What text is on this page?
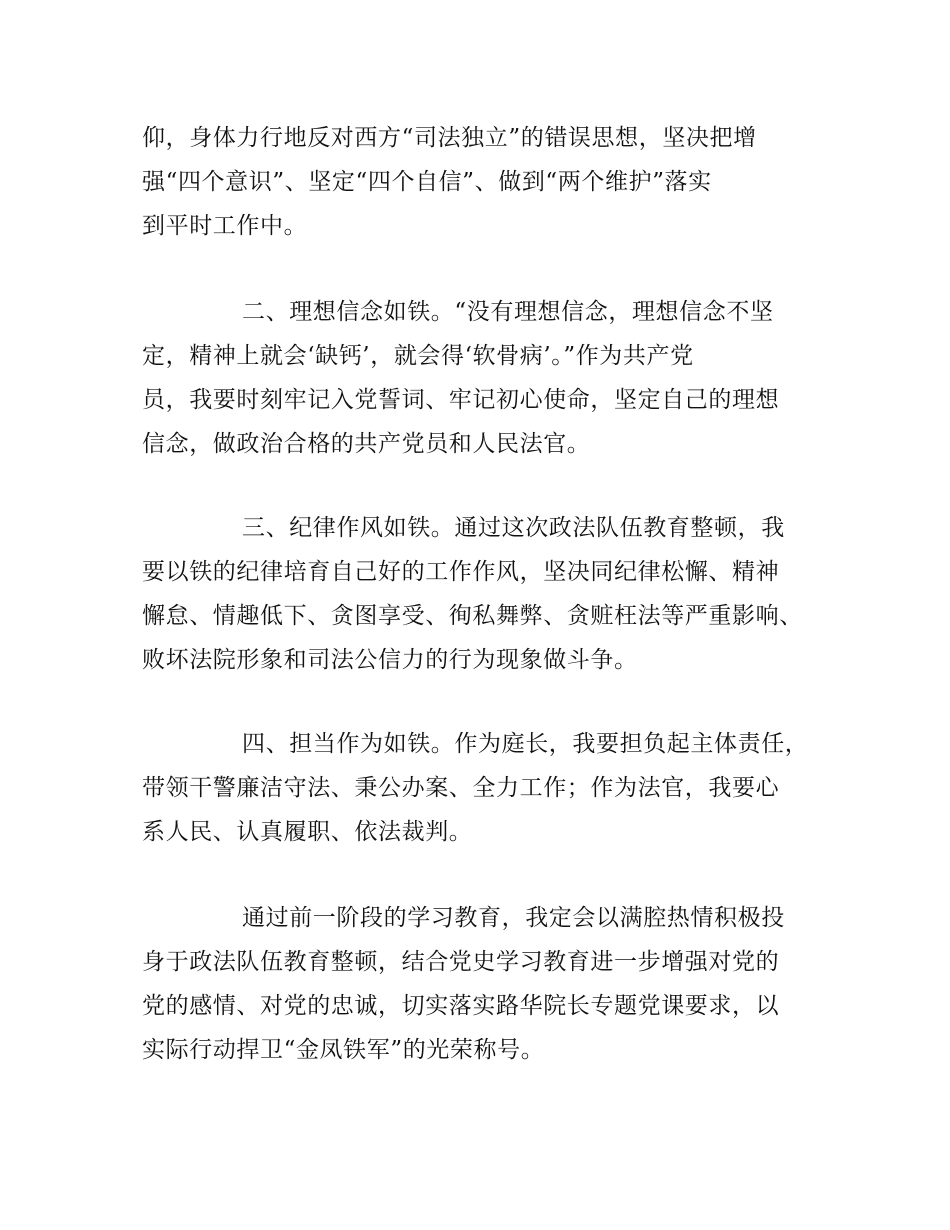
仰，身体力行地反对西方“司法独立”的错误思想，坚决把增
强“四个意识”、坚定“四个自信”、做到“两个维护”落实
到平时工作中。
二、理想信念如铁。“没有理想信念，理想信念不坚
定，精神上就会‘缺钙’，就会得‘软骨病’。”作为共产党
员，我要时刻牢记入党誓词、牢记初心使命，坚定自己的理想
信念，做政治合格的共产党员和人民法官。
三、纪律作风如铁。通过这次政法队伍教育整顿，我
要以铁的纪律培育自己好的工作作风，坚决同纪律松懈、精神
懈怠、情趣低下、贪图享受、徇私舞弊、贪赃枉法等严重影响、
败坏法院形象和司法公信力的行为现象做斗争。
四、担当作为如铁。作为庭长，我要担负起主体责任，
带领干警廉洁守法、秉公办案、全力工作；作为法官，我要心
系人民、认真履职、依法裁判。
通过前一阶段的学习教育，我定会以满腔热情积极投
身于政法队伍教育整顿，结合党史学习教育进一步增强对党的
党的感情、对党的忠诚，切实落实路华院长专题党课要求，以
实际行动捍卫“金凤铁军”的光荣称号。
